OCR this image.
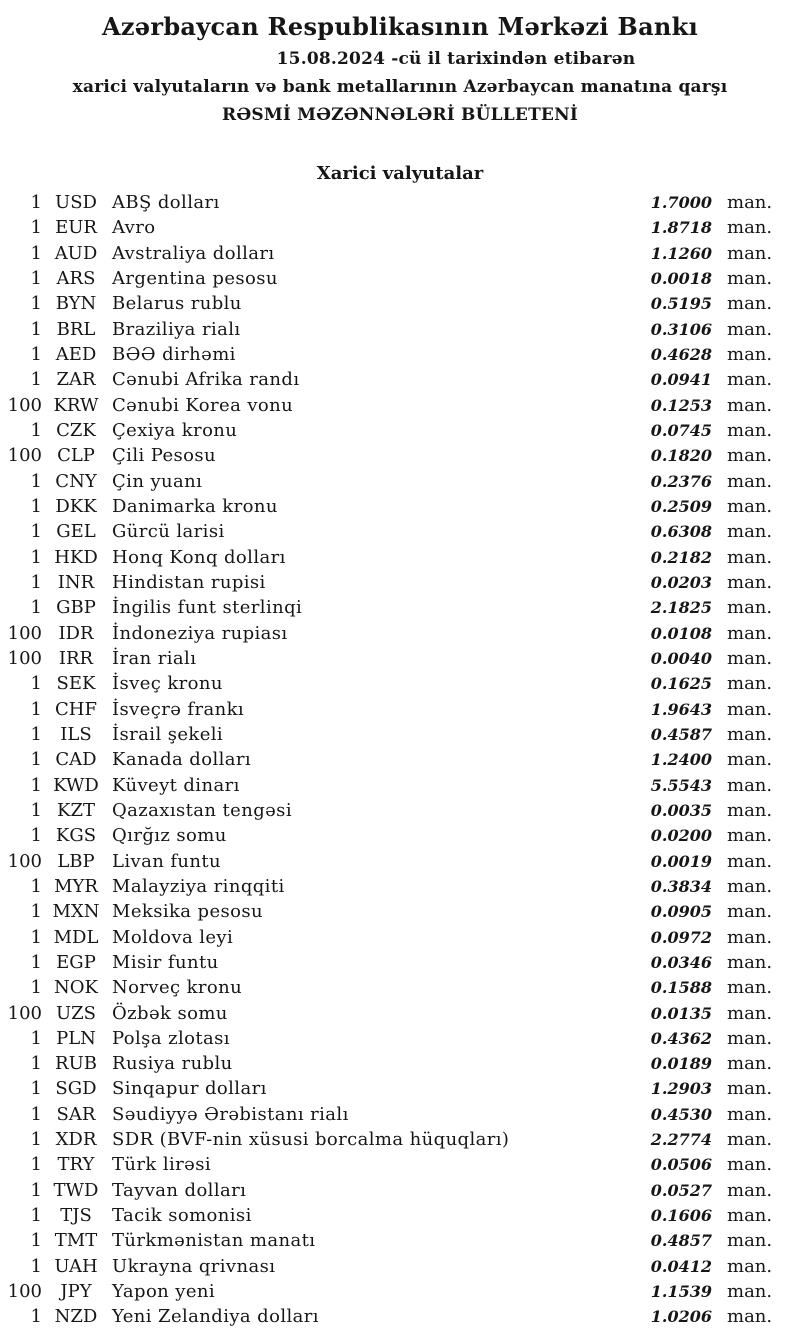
Azərbaycan Respublikasının Mərkəzi Bankı
15.08.2024 -cü il tarixindən etibarən
xarici valyutaların və bank metallarının Azərbaycan manatına qarşı
RƏSMİ MƏZƏNNƏLƏRİ BÜLLETENİ
Xarici valyutalar
1 USD ABŞ dolları	1.7000 man.
1 EUR Avro	1.8718 man.
1 AUD Avstraliya dolları	1.1260 man.
1 ARS Argentina pesosu	0.0018 man.
1 BYN Belarus rublu	0.5195 man.
1 BRL Braziliya rialı	0.3106 man.
1 AED BƏƏ dirhəmi	0.4628 man.
1 ZAR Cənubi Afrika randı	0.0941 man.
100 KRW Cənubi Korea vonu	0.1253 man.
1 CZK Çexiya kronu	0.0745 man.
100 CLP Çili Pesosu	0.1820 man.
1 CNY Çin yuanı	0.2376 man.
1 DKK Danimarka kronu	0.2509 man.
1 GEL Gürcü larisi	0.6308 man.
1 HKD Honq Konq dolları	0.2182 man.
1 INR Hindistan rupisi	0.0203 man.
1 GBP İngilis funt sterlinqi	2.1825 man.
100 IDR	İndoneziya rupiası	0.0108 man.
100 IRR	İran rialı	0.0040 man.
1 SEK İsveç kronu	0.1625 man.
1 CHF İsveçrə frankı	1.9643 man.
1	ILS	İsrail şekeli	0.4587 man.
1 CAD Kanada dolları	1.2400 man.
1 KWD Küveyt dinarı	5.5543 man.
1 KZT Qazaxıstan tengəsi	0.0035 man.
1 KGS Qırğız somu	0.0200 man.
100 LBP Livan funtu	0.0019 man.
1 MYR Malayziya rinqqiti	0.3834 man.
1 MXN Meksika pesosu	0.0905 man.
1 MDL Moldova leyi	0.0972 man.
1 EGP Misir funtu	0.0346 man.
1 NOK Norveç kronu	0.1588 man.
100 UZS Özbək somu	0.0135 man.
1 PLN Polşa zlotası	0.4362 man.
1 RUB Rusiya rublu	0.0189 man.
1 SGD Sinqapur dolları	1.2903 man.
1 SAR Səudiyyə Ərəbistanı rialı	0.4530 man.
1 XDR SDR (BVF-nin xüsusi borcalma hüquqları)	2.2774 man.
1 TRY Türk lirəsi	0.0506 man.
1 TWD Tayvan dolları	0.0527 man.
1	TJS	Tacik somonisi	0.1606 man.
1 TMT Türkmənistan manatı	0.4857 man.
1 UAH Ukrayna qrivnası	0.0412 man.
100	JPY	Yapon yeni	1.1539 man.
1 NZD Yeni Zelandiya dolları	1.0206 man.
